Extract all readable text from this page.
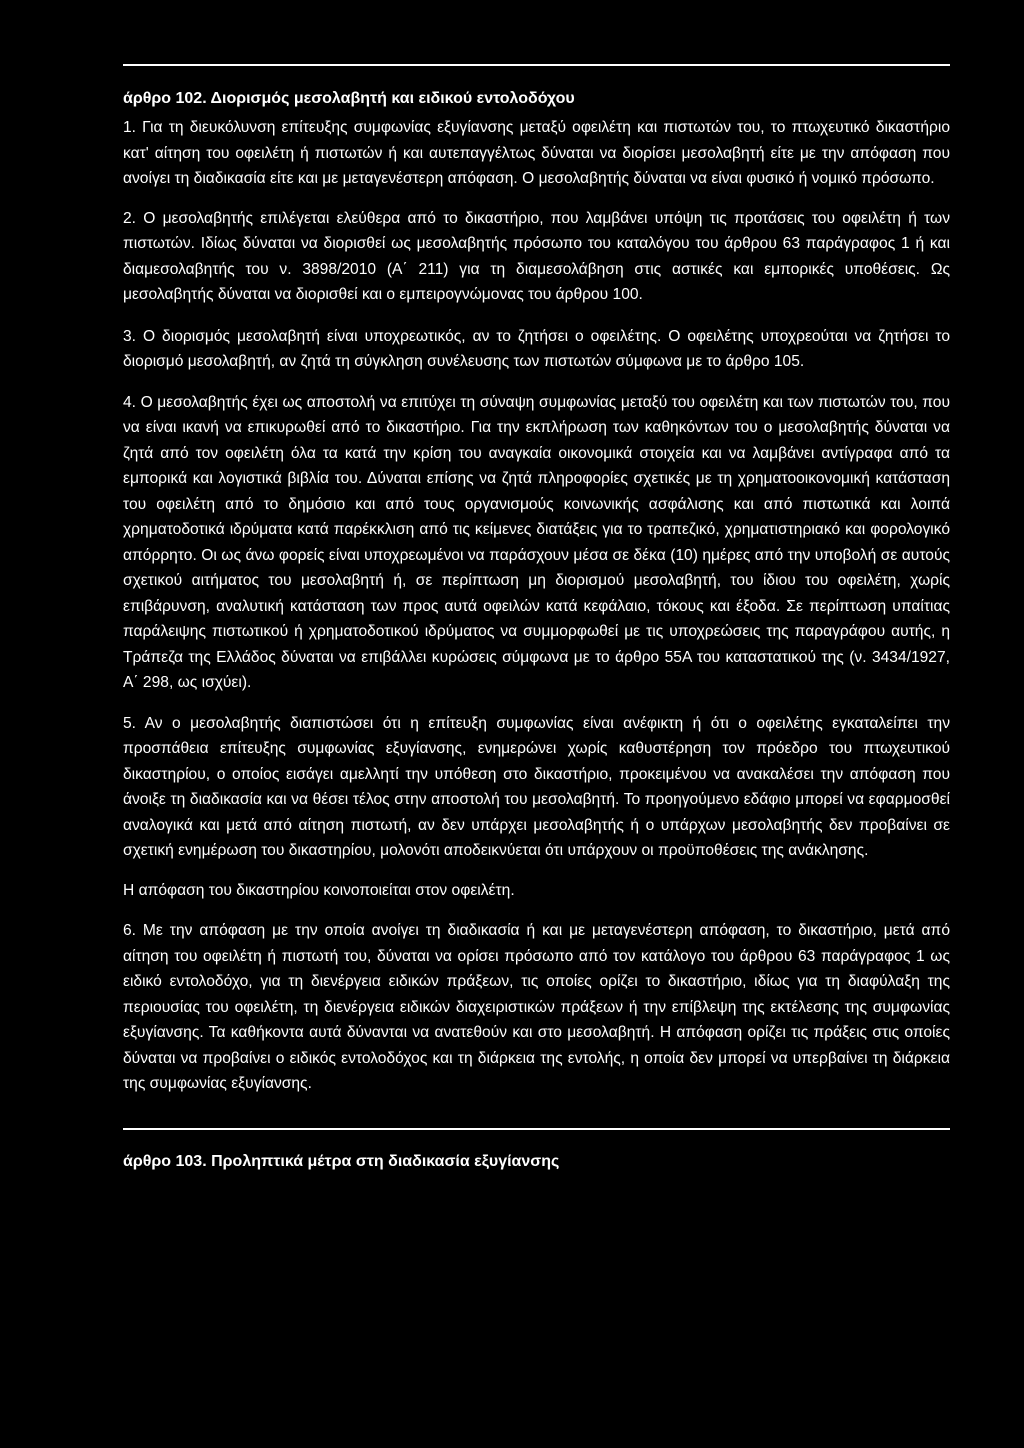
άρθρο 102. Διορισμός μεσολαβητή και ειδικού εντολοδόχου

1. Για τη διευκόλυνση επίτευξης συμφωνίας εξυγίανσης μεταξύ οφειλέτη και πιστωτών του, το πτωχευτικό δικαστήριο κατ' αίτηση του οφειλέτη ή πιστωτών ή και αυτεπαγγέλτως δύναται να διορίσει μεσολαβητή είτε με την απόφαση που ανοίγει τη διαδικασία είτε και με μεταγενέστερη απόφαση. Ο μεσολαβητής δύναται να είναι φυσικό ή νομικό πρόσωπο.

2. Ο μεσολαβητής επιλέγεται ελεύθερα από το δικαστήριο, που λαμβάνει υπόψη τις προτάσεις του οφειλέτη ή των πιστωτών. Ιδίως δύναται να διορισθεί ως μεσολαβητής πρόσωπο του καταλόγου του άρθρου 63 παράγραφος 1 ή και διαμεσολαβητής του ν. 3898/2010 (Α΄ 211) για τη διαμεσολάβηση στις αστικές και εμπορικές υποθέσεις. Ως μεσολαβητής δύναται να διορισθεί και ο εμπειρογνώμονας του άρθρου 100.

3. Ο διορισμός μεσολαβητή είναι υποχρεωτικός, αν το ζητήσει ο οφειλέτης. Ο οφειλέτης υποχρεούται να ζητήσει το διορισμό μεσολαβητή, αν ζητά τη σύγκληση συνέλευσης των πιστωτών σύμφωνα με το άρθρο 105.

4. Ο μεσολαβητής έχει ως αποστολή να επιτύχει τη σύναψη συμφωνίας μεταξύ του οφειλέτη και των πιστωτών του, που να είναι ικανή να επικυρωθεί από το δικαστήριο. Για την εκπλήρωση των καθηκόντων του ο μεσολαβητής δύναται να ζητά από τον οφειλέτη όλα τα κατά την κρίση του αναγκαία οικονομικά στοιχεία και να λαμβάνει αντίγραφα από τα εμπορικά και λογιστικά βιβλία του. Δύναται επίσης να ζητά πληροφορίες σχετικές με τη χρηματοοικονομική κατάσταση του οφειλέτη από το δημόσιο και από τους οργανισμούς κοινωνικής ασφάλισης και από πιστωτικά και λοιπά χρηματοδοτικά ιδρύματα κατά παρέκκλιση από τις κείμενες διατάξεις για το τραπεζικό, χρηματιστηριακό και φορολογικό απόρρητο. Οι ως άνω φορείς είναι υποχρεωμένοι να παράσχουν μέσα σε δέκα (10) ημέρες από την υποβολή σε αυτούς σχετικού αιτήματος του μεσολαβητή ή, σε περίπτωση μη διορισμού μεσολαβητή, του ίδιου του οφειλέτη, χωρίς επιβάρυνση, αναλυτική κατάσταση των προς αυτά οφειλών κατά κεφάλαιο, τόκους και έξοδα. Σε περίπτωση υπαίτιας παράλειψης πιστωτικού ή χρηματοδοτικού ιδρύματος να συμμορφωθεί με τις υποχρεώσεις της παραγράφου αυτής, η Τράπεζα της Ελλάδος δύναται να επιβάλλει κυρώσεις σύμφωνα με το άρθρο 55Α του καταστατικού της (ν. 3434/1927, Α΄ 298, ως ισχύει).

5. Αν ο μεσολαβητής διαπιστώσει ότι η επίτευξη συμφωνίας είναι ανέφικτη ή ότι ο οφειλέτης εγκαταλείπει την προσπάθεια επίτευξης συμφωνίας εξυγίανσης, ενημερώνει χωρίς καθυστέρηση τον πρόεδρο του πτωχευτικού δικαστηρίου, ο οποίος εισάγει αμελλητί την υπόθεση στο δικαστήριο, προκειμένου να ανακαλέσει την απόφαση που άνοιξε τη διαδικασία και να θέσει τέλος στην αποστολή του μεσολαβητή. Το προηγούμενο εδάφιο μπορεί να εφαρμοσθεί αναλογικά και μετά από αίτηση πιστωτή, αν δεν υπάρχει μεσολαβητής ή ο υπάρχων μεσολαβητής δεν προβαίνει σε σχετική ενημέρωση του δικαστηρίου, μολονότι αποδεικνύεται ότι υπάρχουν οι προϋποθέσεις της ανάκλησης.

Η απόφαση του δικαστηρίου κοινοποιείται στον οφειλέτη.

6. Με την απόφαση με την οποία ανοίγει τη διαδικασία ή και με μεταγενέστερη απόφαση, το δικαστήριο, μετά από αίτηση του οφειλέτη ή πιστωτή του, δύναται να ορίσει πρόσωπο από τον κατάλογο του άρθρου 63 παράγραφος 1 ως ειδικό εντολοδόχο, για τη διενέργεια ειδικών πράξεων, τις οποίες ορίζει το δικαστήριο, ιδίως για τη διαφύλαξη της περιουσίας του οφειλέτη, τη διενέργεια ειδικών διαχειριστικών πράξεων ή την επίβλεψη της εκτέλεσης της συμφωνίας εξυγίανσης. Τα καθήκοντα αυτά δύνανται να ανατεθούν και στο μεσολαβητή. Η απόφαση ορίζει τις πράξεις στις οποίες δύναται να προβαίνει ο ειδικός εντολοδόχος και τη διάρκεια της εντολής, η οποία δεν μπορεί να υπερβαίνει τη διάρκεια της συμφωνίας εξυγίανσης.

άρθρο 103. Προληπτικά μέτρα στη διαδικασία εξυγίανσης
